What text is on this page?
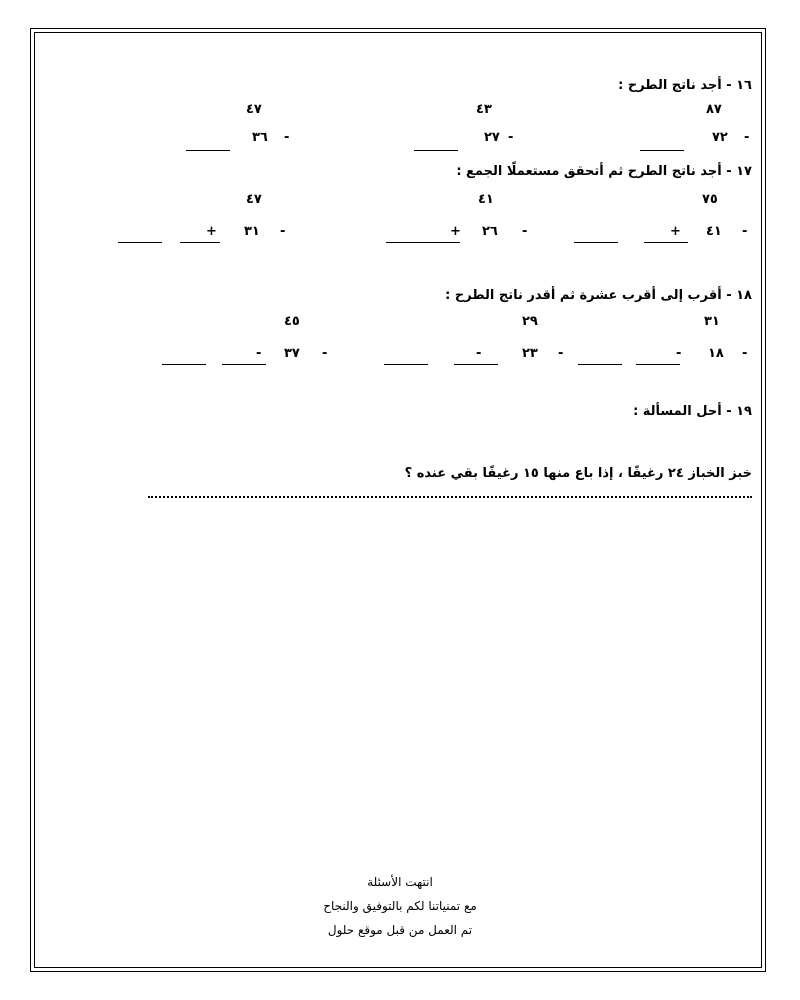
١٦ - أجد ناتج الطرح :
٨٧
٤٣
٤٧
-
٧٢
-
٢٧
-
٣٦
١٧ - أجد ناتج الطرح ثم أتحقق مستعملًا الجمع :
٧٥
٤١
٤٧
-
٤١
+
-
٢٦
+
-
٣١
+
١٨ - أقرب إلى أقرب عشرة ثم أقدر ناتج الطرح :
٣١
٢٩
٤٥
-
١٨
-
-
٢٣
-
-
٣٧
-
١٩ - أحل المسألة :
خبز الخباز ٢٤ رغيفًا ، إذا باع منها ١٥ رغيفًا بقي عنده ؟
انتهت الأسئلة
مع تمنياتنا لكم بالتوفيق والنجاح
تم العمل من قبل موقع حلول
